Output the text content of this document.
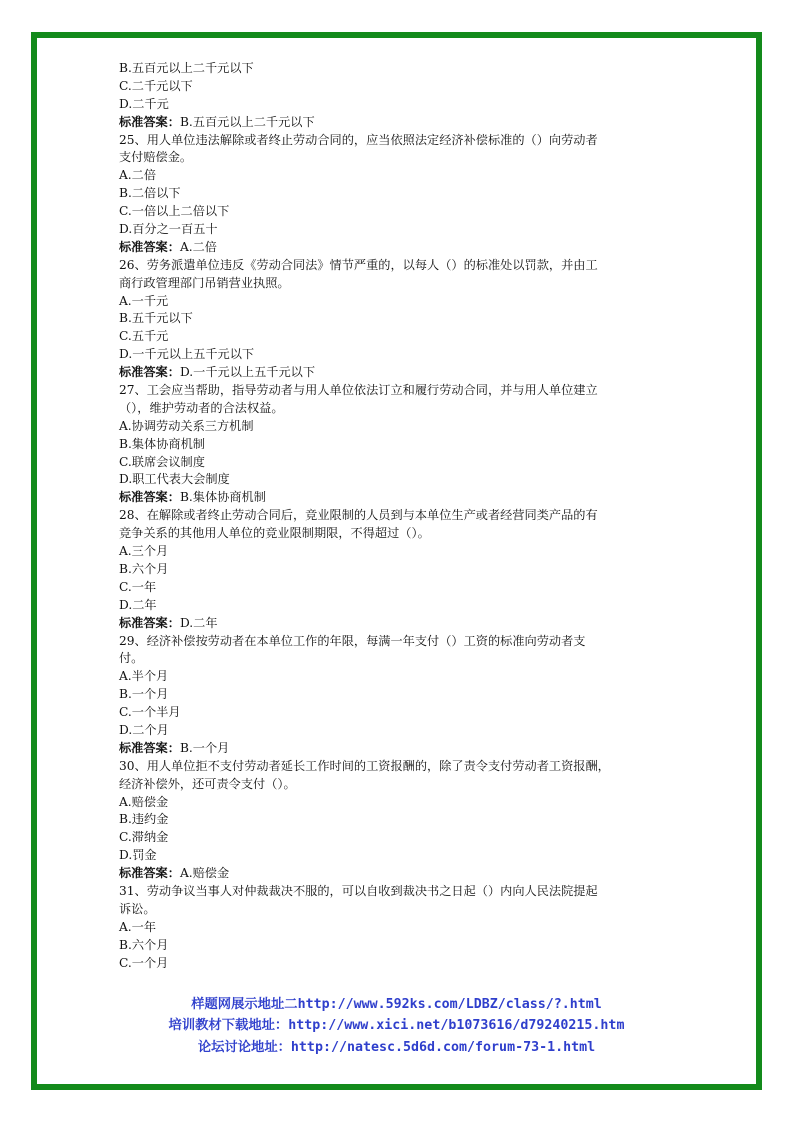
B.五百元以上二千元以下
C.二千元以下
D.二千元
标准答案：B.五百元以上二千元以下
25、用人单位违法解除或者终止劳动合同的，应当依照法定经济补偿标准的（）向劳动者
支付赔偿金。
A.二倍
B.二倍以下
C.一倍以上二倍以下
D.百分之一百五十
标准答案：A.二倍
26、劳务派遣单位违反《劳动合同法》情节严重的，以每人（）的标准处以罚款，并由工
商行政管理部门吊销营业执照。
A.一千元
B.五千元以下
C.五千元
D.一千元以上五千元以下
标准答案：D.一千元以上五千元以下
27、工会应当帮助，指导劳动者与用人单位依法订立和履行劳动合同，并与用人单位建立
（），维护劳动者的合法权益。
A.协调劳动关系三方机制
B.集体协商机制
C.联席会议制度
D.职工代表大会制度
标准答案：B.集体协商机制
28、在解除或者终止劳动合同后，竞业限制的人员到与本单位生产或者经营同类产品的有
竞争关系的其他用人单位的竞业限制期限，不得超过（）。
A.三个月
B.六个月
C.一年
D.二年
标准答案：D.二年
29、经济补偿按劳动者在本单位工作的年限，每满一年支付（）工资的标准向劳动者支
付。
A.半个月
B.一个月
C.一个半月
D.二个月
标准答案：B.一个月
30、用人单位拒不支付劳动者延长工作时间的工资报酬的，除了责令支付劳动者工资报酬，
经济补偿外，还可责令支付（）。
A.赔偿金
B.违约金
C.滞纳金
D.罚金
标准答案：A.赔偿金
31、劳动争议当事人对仲裁裁决不服的，可以自收到裁决书之日起（）内向人民法院提起
诉讼。
A.一年
B.六个月
C.一个月
样题网展示地址二http://www.592ks.com/LDBZ/class/?.html
培训教材下载地址：http://www.xici.net/b1073616/d79240215.htm
论坛讨论地址：http://natesc.5d6d.com/forum-73-1.html
